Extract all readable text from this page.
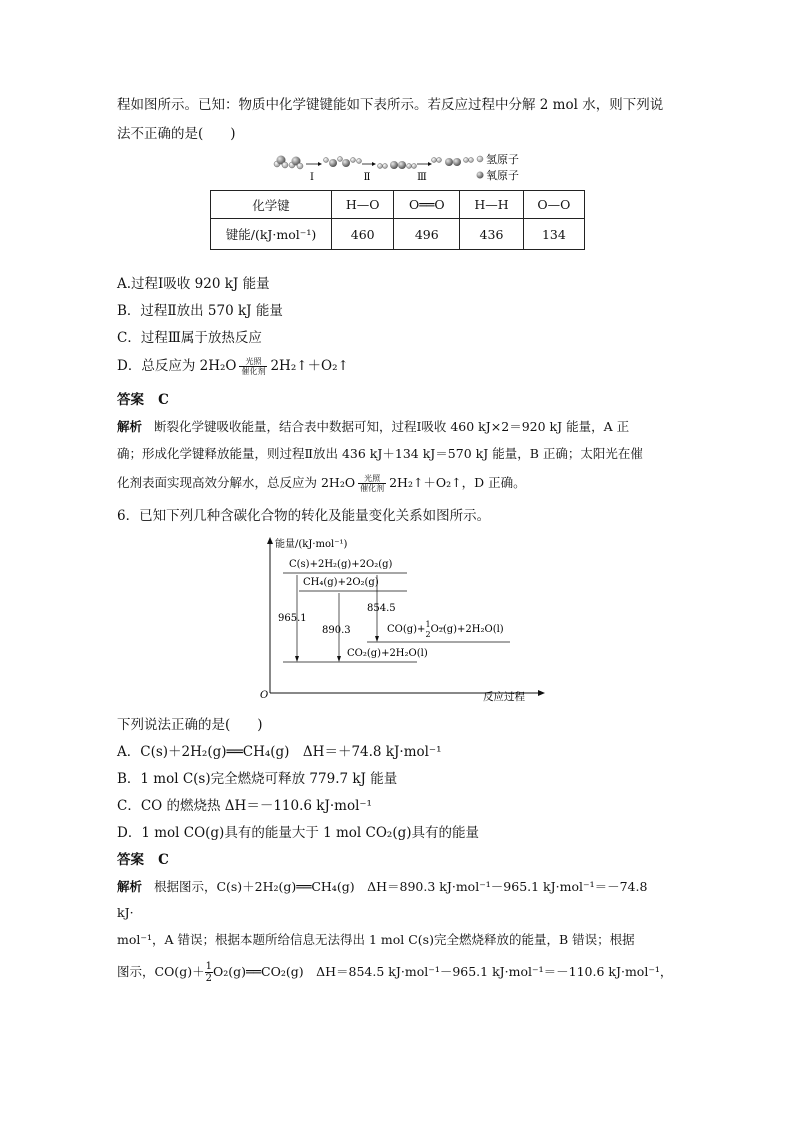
程如图所示。已知：物质中化学键键能如下表所示。若反应过程中分解 2 mol 水，则下列说
法不正确的是(　　)
Ⅰ	Ⅱ	Ⅲ
氢原子
氧原子
化学键	H—O	O══O	H—H	O—O
键能/(kJ·mol⁻¹)	460	496	436	134
A.过程Ⅰ吸收 920 kJ 能量
B．过程Ⅱ放出 570 kJ 能量
C．过程Ⅲ属于放热反应
D．总反应为 $2H_2O \frac{\text{光照}}{\text{催化剂}}$ 2H₂↑＋O₂↑
答案 C
解析 断裂化学键吸收能量，结合表中数据可知，过程Ⅰ吸收 460 kJ×2＝920 kJ 能量，A 正
确；形成化学键释放能量，则过程Ⅱ放出 436 kJ＋134 kJ＝570 kJ 能量，B 正确；太阳光在催
化剂表面实现高效分解水，总反应为 $2H_2O \frac{\text{光照}}{\text{催化剂}}$ 2H₂↑＋O₂↑，D 正确。
6．已知下列几种含碳化合物的转化及能量变化关系如图所示。
能量/(kJ·mol⁻¹)
反应过程
O
C(s)+2H₂(g)+2O₂(g)
CH₄(g)+2O₂(g)
CO(g)+$^1$ 2O₂(g)+2H₂O(l)
CO₂(g)+2H₂O(l)
965.1
890.3
854.5
下列说法正确的是(　　)
A．C(s)＋2H₂(g)══CH₄(g)　ΔH＝＋74.8 kJ·mol⁻¹
B．1 mol C(s)完全燃烧可释放 779.7 kJ 能量
C．CO 的燃烧热 ΔH＝－110.6 kJ·mol⁻¹
D．1 mol CO(g)具有的能量大于 1 mol CO₂(g)具有的能量
答案 C
解析 根据图示，C(s)＋2H₂(g)══CH₄(g)　ΔH＝890.3 kJ·mol⁻¹－965.1 kJ·mol⁻¹＝－74.8
kJ·
mol⁻¹，A 错误；根据本题所给信息无法得出 1 mol C(s)完全燃烧释放的能量，B 错误；根据
图示，$CO(g)+ \frac{1}{2}$ O₂(g)══CO₂(g)　ΔH＝854.5 kJ·mol⁻¹－965.1 kJ·mol⁻¹＝－110.6 kJ·mol⁻¹，
